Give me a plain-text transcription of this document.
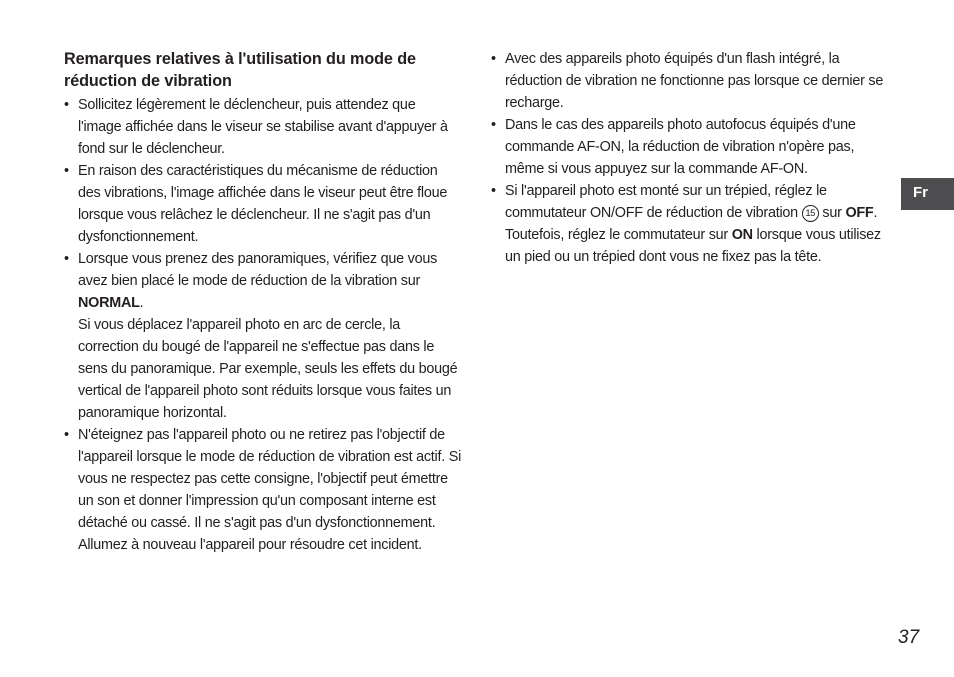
Remarques relatives à l'utilisation du mode de réduction de vibration
• Sollicitez légèrement le déclencheur, puis attendez que l'image affichée dans le viseur se stabilise avant d'appuyer à fond sur le déclencheur.
• En raison des caractéristiques du mécanisme de réduction des vibrations, l'image affichée dans le viseur peut être floue lorsque vous relâchez le déclencheur. Il ne s'agit pas d'un dysfonctionnement.
• Lorsque vous prenez des panoramiques, vérifiez que vous avez bien placé le mode de réduction de la vibration sur NORMAL.
Si vous déplacez l'appareil photo en arc de cercle, la correction du bougé de l'appareil ne s'effectue pas dans le sens du panoramique. Par exemple, seuls les effets du bougé vertical de l'appareil photo sont réduits lorsque vous faites un panoramique horizontal.
• N'éteignez pas l'appareil photo ou ne retirez pas l'objectif de l'appareil lorsque le mode de réduction de vibration est actif. Si vous ne respectez pas cette consigne, l'objectif peut émettre un son et donner l'impression qu'un composant interne est détaché ou cassé. Il ne s'agit pas d'un dysfonctionnement. Allumez à nouveau l'appareil pour résoudre cet incident.
• Avec des appareils photo équipés d'un flash intégré, la réduction de vibration ne fonctionne pas lorsque ce dernier se recharge.
• Dans le cas des appareils photo autofocus équipés d'une commande AF-ON, la réduction de vibration n'opère pas, même si vous appuyez sur la commande AF-ON.
• Si l'appareil photo est monté sur un trépied, réglez le commutateur ON/OFF de réduction de vibration 15 sur OFF. Toutefois, réglez le commutateur sur ON lorsque vous utilisez un pied ou un trépied dont vous ne fixez pas la tête.
Fr
37
